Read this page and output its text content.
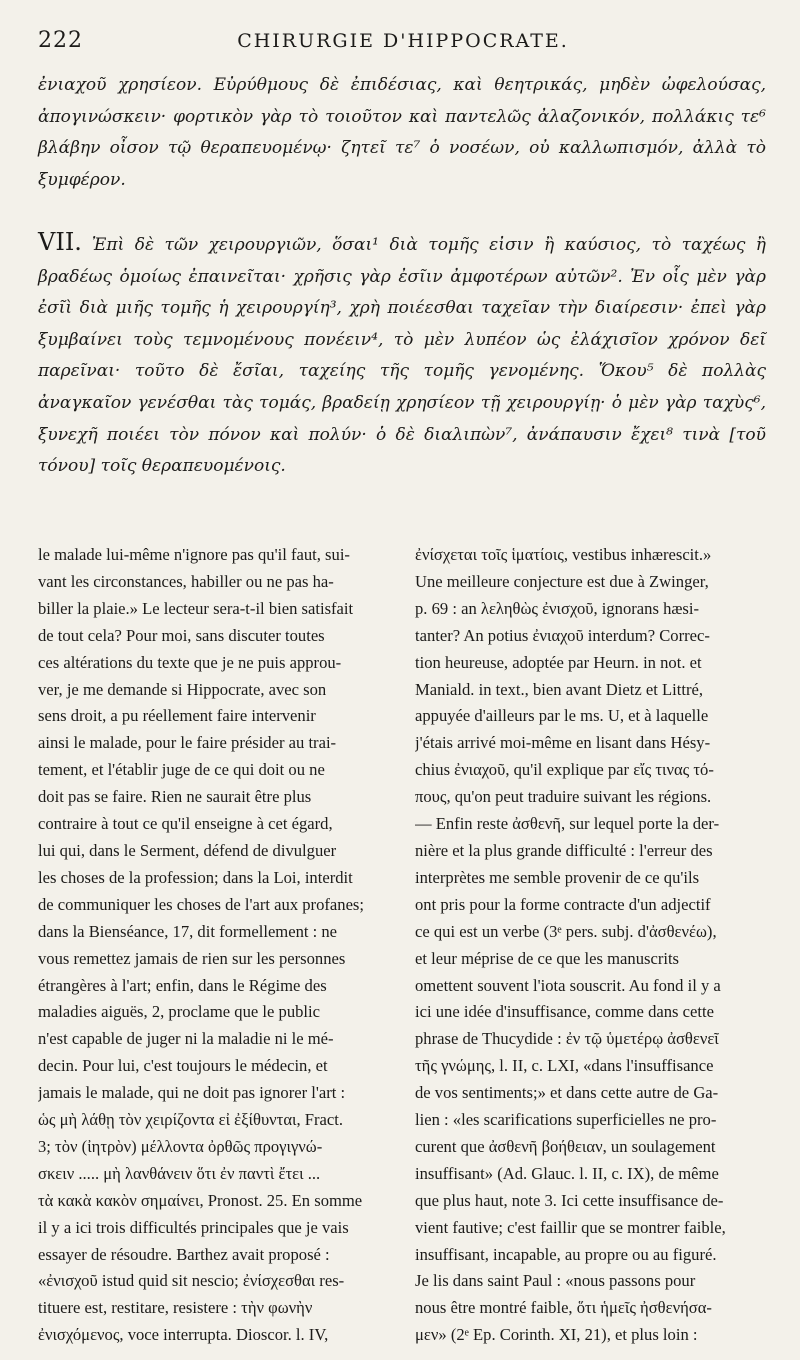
222	CHIRURGIE D'HIPPOCRATE.

ἐνιαχοῦ χρησίεον. Εὐρύθμους δὲ ἐπιδέσιας, καὶ θεητρικάς, μηδὲν ὠφελούσας, ἀπογινώσκειν· φορτικὸν γὰρ τὸ τοιοῦτον καὶ παντελῶς ἀλαζονικόν, πολλάκις τε⁶ βλάβην οἶσον τῷ θεραπευομένῳ· ζητεῖ τε⁷ ὁ νοσέων, οὐ καλλωπισμόν, ἀλλὰ τὸ ξυμφέρον.

VII. Ἐπὶ δὲ τῶν χειρουργιῶν, ὅσαι¹ διὰ τομῆς εἰσιν ἢ καύσιος, τὸ ταχέως ἢ βραδέως ὁμοίως ἐπαινεῖται· χρῆσις γὰρ ἐσῖιν ἀμφοτέρων αὐτῶν². Ἐν οἷς μὲν γὰρ ἐσῖὶ διὰ μιῆς τομῆς ἡ χειρουργίη³, χρὴ ποιέεσθαι ταχεῖαν τὴν διαίρεσιν· ἐπεὶ γὰρ ξυμβαίνει τοὺς τεμνομένους πονέειν⁴, τὸ μὲν λυπέον ὡς ἐλάχισῖον χρόνον δεῖ παρεῖναι· τοῦτο δὲ ἔσῖαι, ταχείης τῆς τομῆς γενομένης. Ὅκου⁵ δὲ πολλὰς ἀναγκαῖον γενέσθαι τὰς τομάς, βραδείῃ χρησίεον τῇ χειρουργίῃ· ὁ μὲν γὰρ ταχὺς⁶, ξυνεχῆ ποιέει τὸν πόνον καὶ πολύν· ὁ δὲ διαλιπὼν⁷, ἀνάπαυσιν ἔχει⁸ τινὰ [τοῦ τόνου] τοῖς θεραπευομένοις.

le malade lui-même n'ignore pas qu'il faut, sui-
vant les circonstances, habiller ou ne pas ha-
biller la plaie.» Le lecteur sera-t-il bien satisfait
de tout cela? Pour moi, sans discuter toutes
ces altérations du texte que je ne puis approu-
ver, je me demande si Hippocrate, avec son
sens droit, a pu réellement faire intervenir
ainsi le malade, pour le faire présider au trai-
tement, et l'établir juge de ce qui doit ou ne
doit pas se faire. Rien ne saurait être plus
contraire à tout ce qu'il enseigne à cet égard,
lui qui, dans le Serment, défend de divulguer
les choses de la profession; dans la Loi, interdit
de communiquer les choses de l'art aux profanes;
dans la Bienséance, 17, dit formellement : ne
vous remettez jamais de rien sur les personnes
étrangères à l'art; enfin, dans le Régime des
maladies aiguës, 2, proclame que le public
n'est capable de juger ni la maladie ni le mé-
decin. Pour lui, c'est toujours le médecin, et
jamais le malade, qui ne doit pas ignorer l'art :
ὡς μὴ λάθῃ τὸν χειρίζοντα εἰ ἐξίθυνται, Fract.
3; τὸν (ἰητρὸν) μέλλοντα ὀρθῶς προγιγνώ-
σκειν ..... μὴ λανθάνειν ὅτι ἐν παντὶ ἔτει ...
τὰ κακὰ κακὸν σημαίνει, Pronost. 25. En somme
il y a ici trois difficultés principales que je vais
essayer de résoudre. Barthez avait proposé :
«ἐνισχοῦ istud quid sit nescio; ἐνίσχεσθαι res-
tituere est, restitare, resistere : τὴν φωνὴν
ἐνισχόμενος, voce interrupta. Dioscor. l. IV,
ἐνίσχεται τοῖς ἱματίοις, vestibus inhærescit.»
Une meilleure conjecture est due à Zwinger,
p. 69 : an λεληθὼς ἐνισχοῦ, ignorans hæsi-
tanter? An potius ἐνιαχοῦ interdum? Correc-
tion heureuse, adoptée par Heurn. in not. et
Maniald. in text., bien avant Dietz et Littré,
appuyée d'ailleurs par le ms. U, et à laquelle
j'étais arrivé moi-même en lisant dans Hésy-
chius ἐνιαχοῦ, qu'il explique par εἴς τινας τό-
πους, qu'on peut traduire suivant les régions.
— Enfin reste ἀσθενῆ, sur lequel porte la der-
nière et la plus grande difficulté : l'erreur des
interprètes me semble provenir de ce qu'ils
ont pris pour la forme contracte d'un adjectif
ce qui est un verbe (3ᵉ pers. subj. d'ἀσθενέω),
et leur méprise de ce que les manuscrits
omettent souvent l'iota souscrit. Au fond il y a
ici une idée d'insuffisance, comme dans cette
phrase de Thucydide : ἐν τῷ ὑμετέρῳ ἀσθενεῖ
τῆς γνώμης, l. II, c. LXI, «dans l'insuffisance
de vos sentiments;» et dans cette autre de Ga-
lien : «les scarifications superficielles ne pro-
curent que ἀσθενῆ βοήθειαν, un soulagement
insuffisant» (Ad. Glauc. l. II, c. IX), de même
que plus haut, note 3. Ici cette insuffisance de-
vient fautive; c'est faillir que se montrer faible,
insuffisant, incapable, au propre ou au figuré.
Je lis dans saint Paul : «nous passons pour
nous être montré faible, ὅτι ἡμεῖς ἠσθενήσα-
μεν» (2ᵉ Ep. Corinth. XI, 21), et plus loin :
